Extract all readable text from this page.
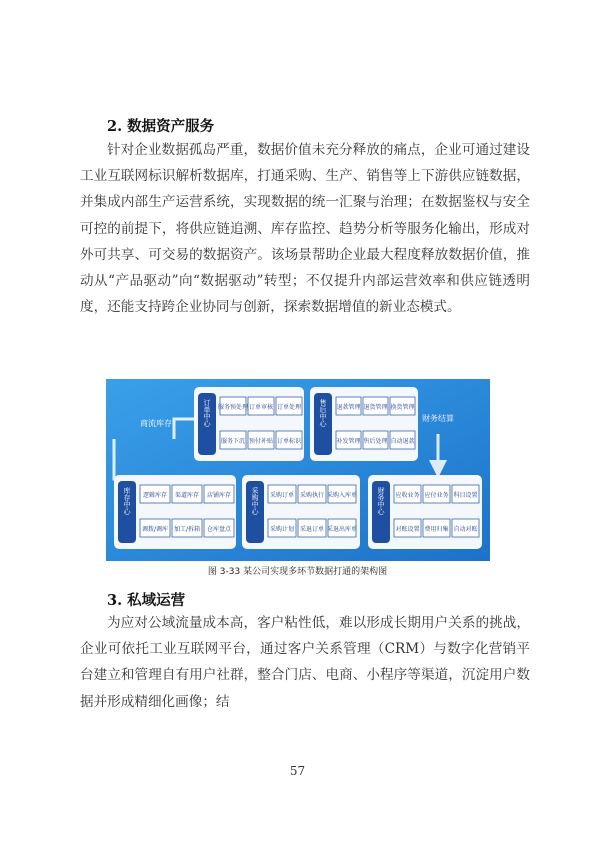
2. 数据资产服务

针对企业数据孤岛严重，数据价值未充分释放的痛点，企业可通过建设工业互联网标识解析数据库，打通采购、生产、销售等上下游供应链数据，并集成内部生产运营系统，实现数据的统一汇聚与治理；在数据鉴权与安全可控的前提下，将供应链追溯、库存监控、趋势分析等服务化输出，形成对外可共享、可交易的数据资产。该场景帮助企业最大程度释放数据价值，推动从“产品驱动”向“数据驱动”转型；不仅提升内部运营效率和供应链透明度，还能支持跨企业协同与创新，探索数据增值的新业态模式。

商流库存
财务结算
订单中心 服务预处理 订单审核 订单处理
服务下沉 预付补贴 订单标识
售后中心 退款管理 退货管理 换货管理
补发管理 售后处理 自动退款
库存中心 逻辑库存 渠道库存 店铺库存
调拨/调库 加工/拆箱 仓库盘点
采购中心 采购订单 采购执行 采购入库单
采购计划 采退订单 采退出库单
财务中心 应收业务 应付业务 科目设置
对账设置 费用归集 自动对账
图 3-33 某公司实现多环节数据打通的架构图
3. 私域运营

为应对公域流量成本高，客户粘性低，难以形成长期用户关系的挑战，企业可依托工业互联网平台，通过客户关系管理（CRM）与数字化营销平台建立和管理自有用户社群，整合门店、电商、小程序等渠道，沉淀用户数据并形成精细化画像；结

57
